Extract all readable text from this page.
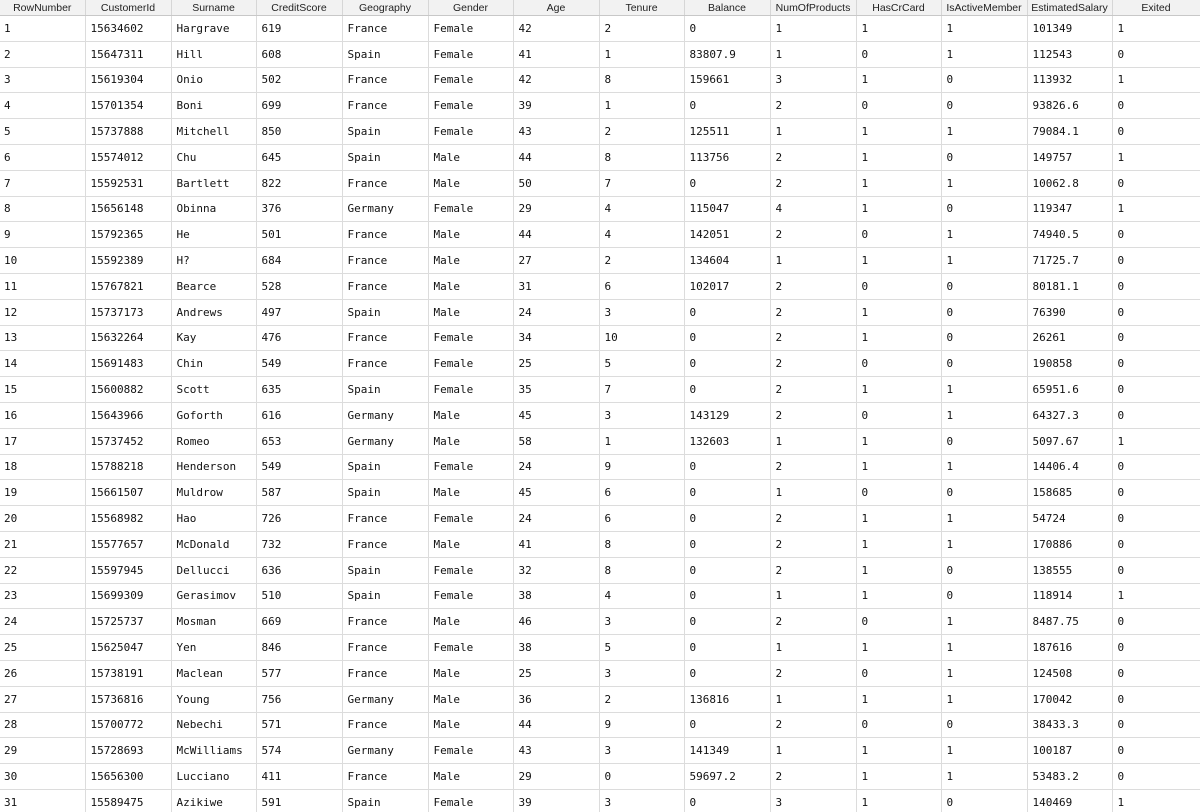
RowNumber	CustomerId	Surname	CreditScore	Geography	Gender	Age	Tenure	Balance	NumOfProducts	HasCrCard	IsActiveMember	EstimatedSalary	Exited
1	15634602	Hargrave	619	France	Female	42	2	0	1	1	1	101349	1
2	15647311	Hill	608	Spain	Female	41	1	83807.9	1	0	1	112543	0
3	15619304	Onio	502	France	Female	42	8	159661	3	1	0	113932	1
4	15701354	Boni	699	France	Female	39	1	0	2	0	0	93826.6	0
5	15737888	Mitchell	850	Spain	Female	43	2	125511	1	1	1	79084.1	0
6	15574012	Chu	645	Spain	Male	44	8	113756	2	1	0	149757	1
7	15592531	Bartlett	822	France	Male	50	7	0	2	1	1	10062.8	0
8	15656148	Obinna	376	Germany	Female	29	4	115047	4	1	0	119347	1
9	15792365	He	501	France	Male	44	4	142051	2	0	1	74940.5	0
10	15592389	H?	684	France	Male	27	2	134604	1	1	1	71725.7	0
11	15767821	Bearce	528	France	Male	31	6	102017	2	0	0	80181.1	0
12	15737173	Andrews	497	Spain	Male	24	3	0	2	1	0	76390	0
13	15632264	Kay	476	France	Female	34	10	0	2	1	0	26261	0
14	15691483	Chin	549	France	Female	25	5	0	2	0	0	190858	0
15	15600882	Scott	635	Spain	Female	35	7	0	2	1	1	65951.6	0
16	15643966	Goforth	616	Germany	Male	45	3	143129	2	0	1	64327.3	0
17	15737452	Romeo	653	Germany	Male	58	1	132603	1	1	0	5097.67	1
18	15788218	Henderson	549	Spain	Female	24	9	0	2	1	1	14406.4	0
19	15661507	Muldrow	587	Spain	Male	45	6	0	1	0	0	158685	0
20	15568982	Hao	726	France	Female	24	6	0	2	1	1	54724	0
21	15577657	McDonald	732	France	Male	41	8	0	2	1	1	170886	0
22	15597945	Dellucci	636	Spain	Female	32	8	0	2	1	0	138555	0
23	15699309	Gerasimov	510	Spain	Female	38	4	0	1	1	0	118914	1
24	15725737	Mosman	669	France	Male	46	3	0	2	0	1	8487.75	0
25	15625047	Yen	846	France	Female	38	5	0	1	1	1	187616	0
26	15738191	Maclean	577	France	Male	25	3	0	2	0	1	124508	0
27	15736816	Young	756	Germany	Male	36	2	136816	1	1	1	170042	0
28	15700772	Nebechi	571	France	Male	44	9	0	2	0	0	38433.3	0
29	15728693	McWilliams	574	Germany	Female	43	3	141349	1	1	1	100187	0
30	15656300	Lucciano	411	France	Male	29	0	59697.2	2	1	1	53483.2	0
31	15589475	Azikiwe	591	Spain	Female	39	3	0	3	1	0	140469	1
